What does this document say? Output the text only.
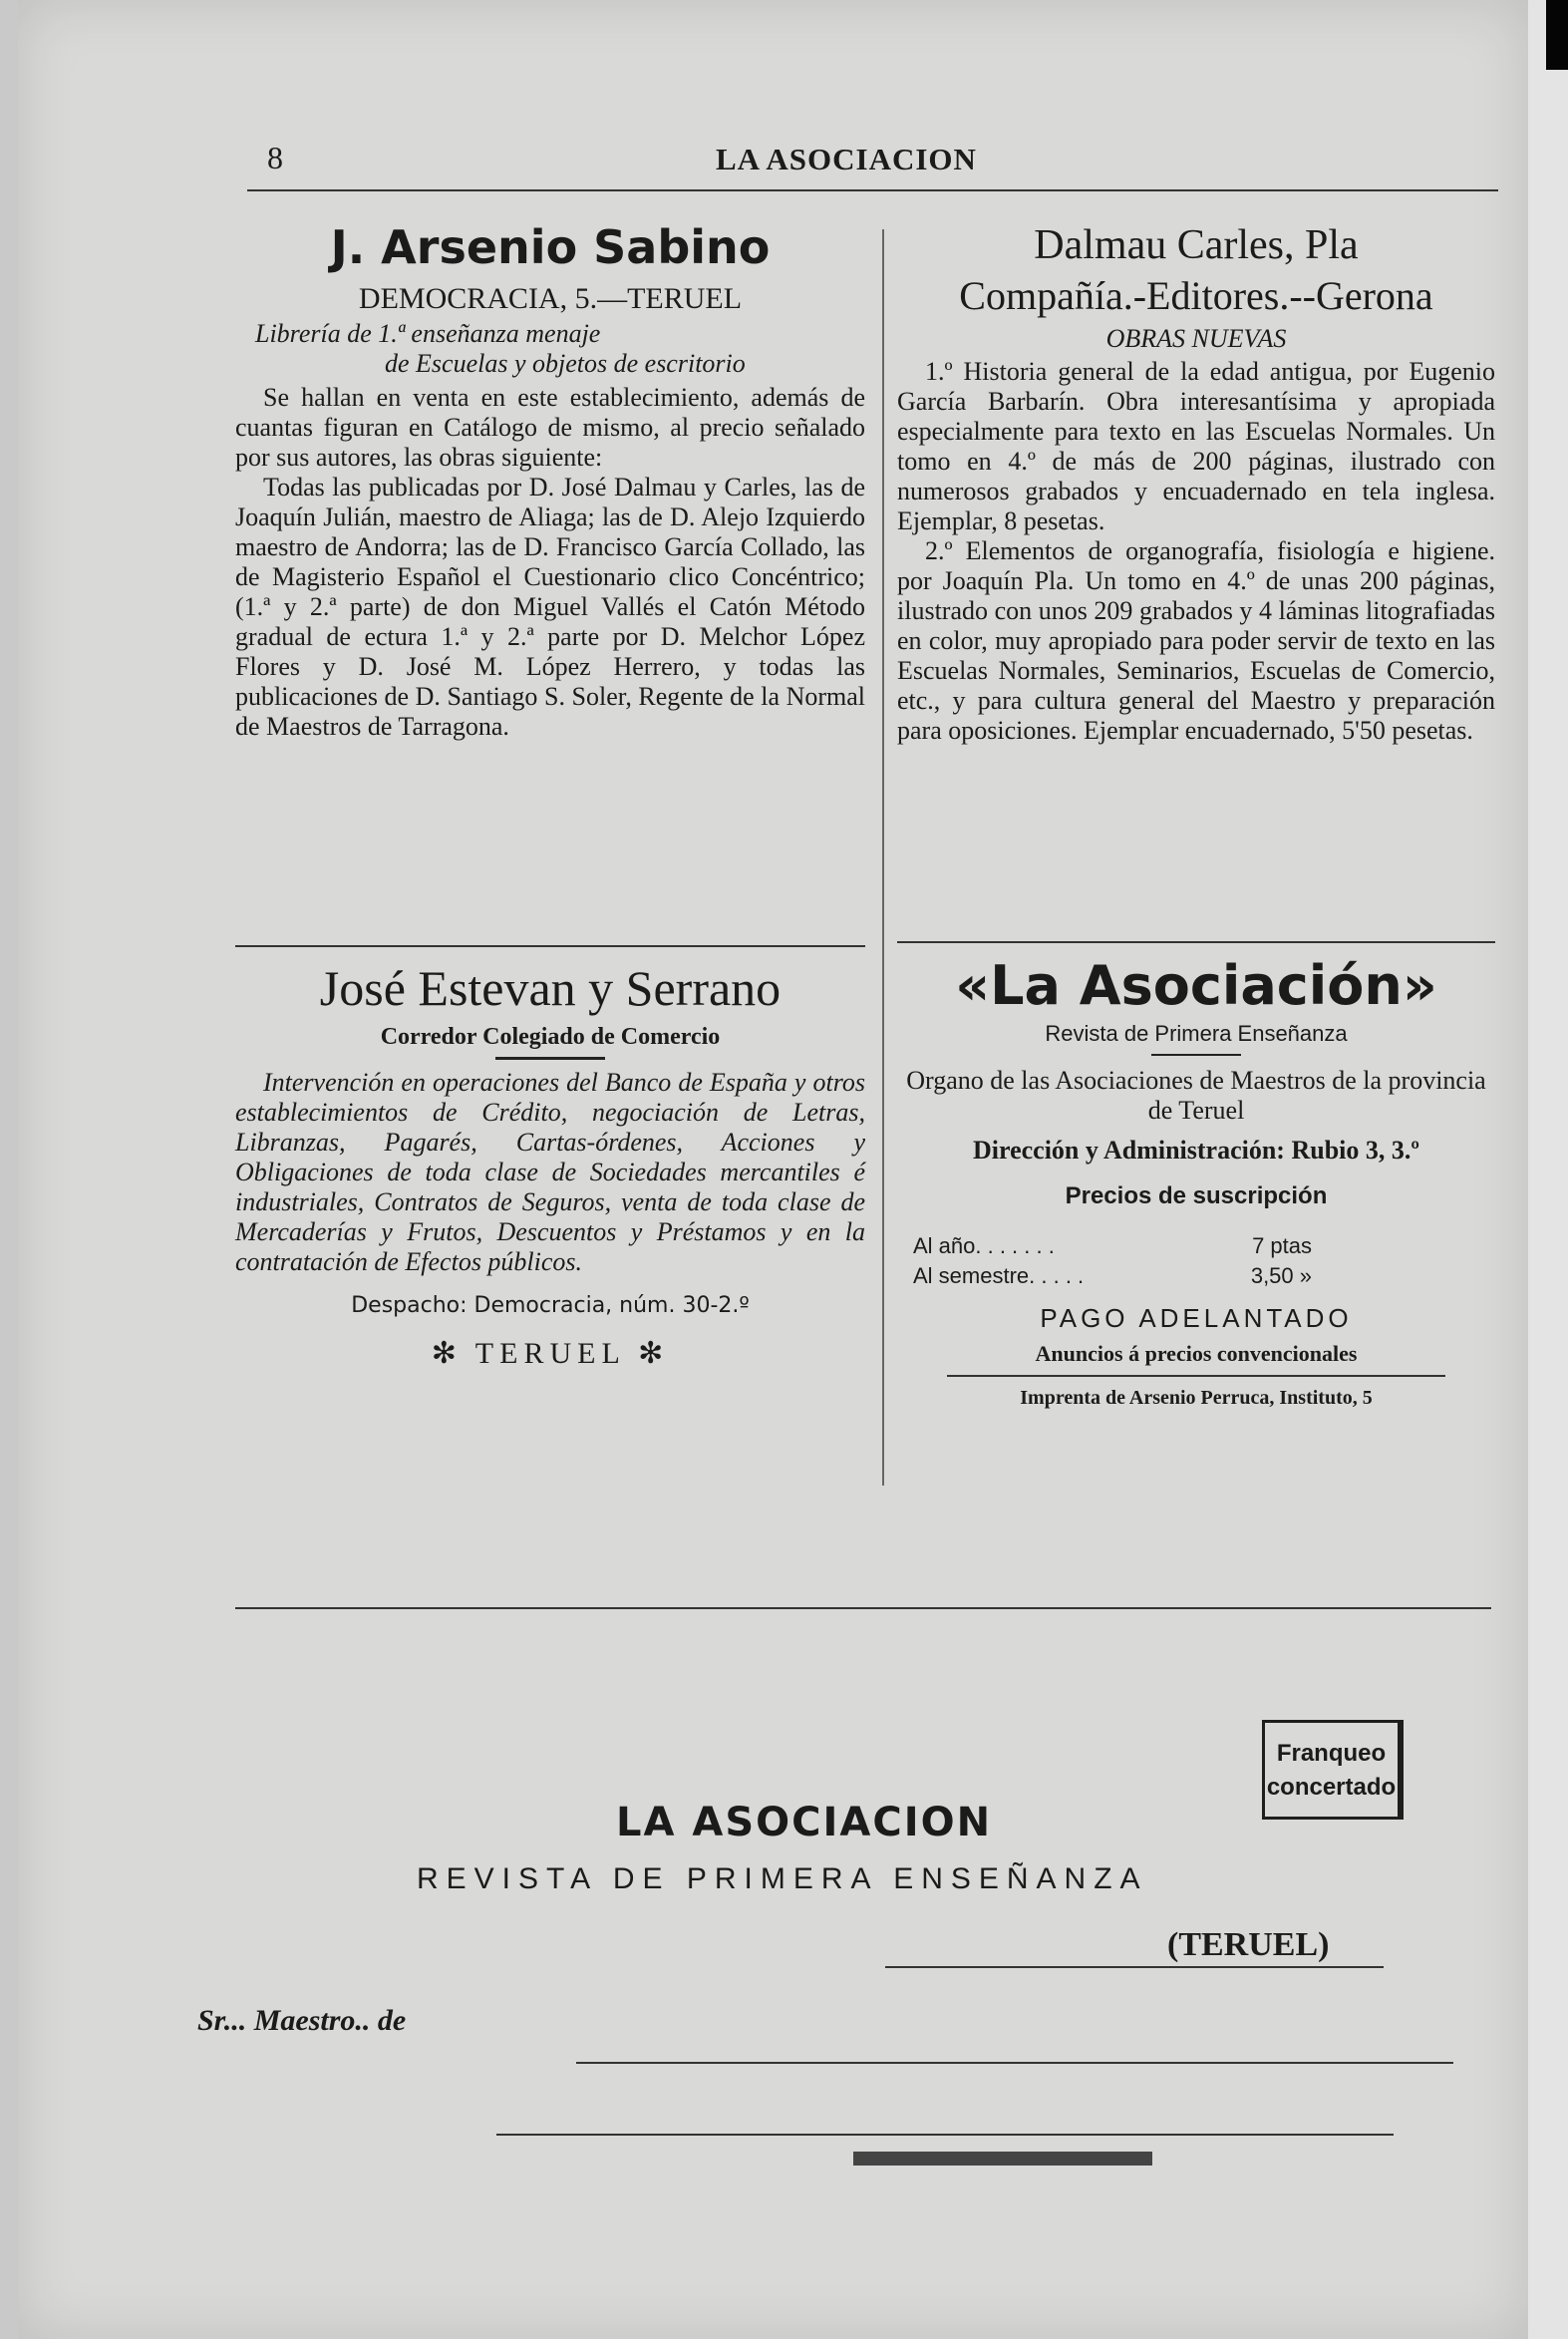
8	LA ASOCIACION
J. Arsenio Sabino
DEMOCRACIA, 5.—TERUEL
Librería de 1.ª enseñanza menaje
de Escuelas y objetos de escritorio

Se hallan en venta en este establecimiento, además de cuantas figuran en Catálogo de mismo, al precio señalado por sus autores, las obras siguiente:

Todas las publicadas por D. José Dalmau y Carles, las de Joaquín Julián, maestro de Aliaga; las de D. Alejo Izquierdo maestro de Andorra; las de D. Francisco García Collado, las de Magisterio Español el Cuestionario clico Concéntrico; (1.ª y 2.ª parte) de don Miguel Vallés el Catón Método gradual de ectura 1.ª y 2.ª parte por D. Melchor López Flores y D. José M. López Herrero, y todas las publicaciones de D. Santiago S. Soler, Regente de la Normal de Maestros de Tarragona.

José Estevan y Serrano
Corredor Colegiado de Comercio

Intervención en operaciones del Banco de España y otros establecimientos de Crédito, negociación de Letras, Libranzas, Pagarés, Cartas-órdenes, Acciones y Obligaciones de toda clase de Sociedades mercantiles é industriales, Contratos de Seguros, venta de toda clase de Mercaderías y Frutos, Descuentos y Préstamos y en la contratación de Efectos públicos.

Despacho: Democracia, núm. 30-2.º
✻ TERUEL ✻
Dalmau Carles, Pla
Compañía.-Editores.--Gerona
OBRAS NUEVAS

1.º Historia general de la edad antigua, por Eugenio García Barbarín. Obra interesantísima y apropiada especialmente para texto en las Escuelas Normales. Un tomo en 4.º de más de 200 páginas, ilustrado con numerosos grabados y encuadernado en tela inglesa. Ejemplar, 8 pesetas.

2.º Elementos de organografía, fisiología e higiene. por Joaquín Pla. Un tomo en 4.º de unas 200 páginas, ilustrado con unos 209 grabados y 4 láminas litografiadas en color, muy apropiado para poder servir de texto en las Escuelas Normales, Seminarios, Escuelas de Comercio, etc., y para cultura general del Maestro y preparación para oposiciones. Ejemplar encuadernado, 5'50 pesetas.

«La Asociación»
Revista de Primera Enseñanza
Organo de las Asociaciones de Maestros de la provincia de Teruel
Dirección y Administración: Rubio 3, 3.º
Precios de suscripción
Al año. . . . . . .	7 ptas
Al semestre. . . . .	3,50 »
PAGO ADELANTADO
Anuncios á precios convencionales
Imprenta de Arsenio Perruca, Instituto, 5
Franqueo
concertado
LA ASOCIACION
REVISTA DE PRIMERA ENSEÑANZA
(TERUEL)
Sr... Maestro.. de
